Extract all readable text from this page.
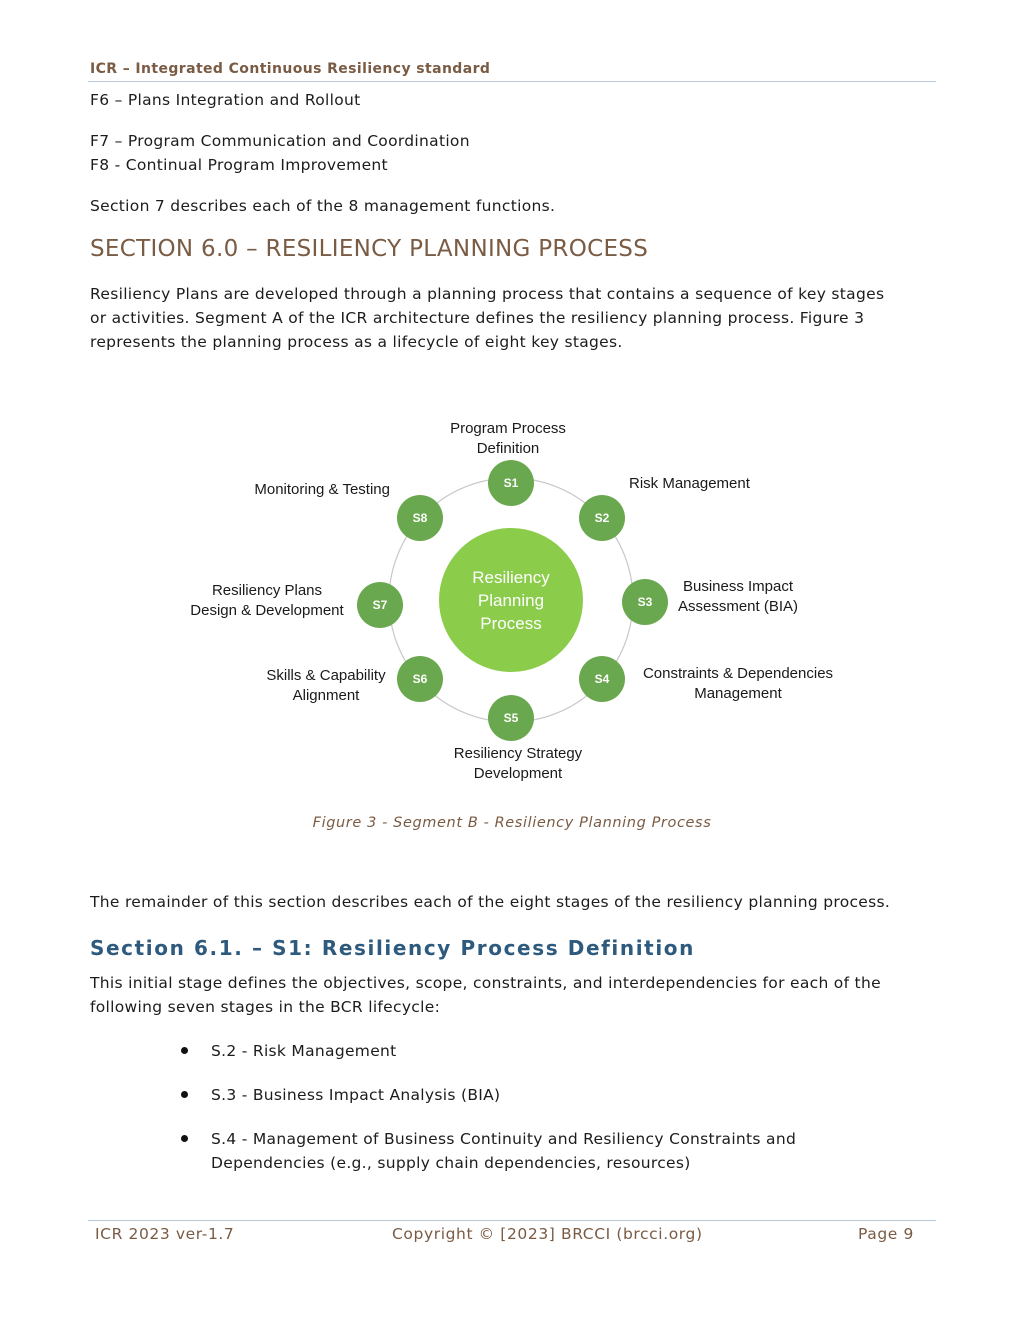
ICR – Integrated Continuous Resiliency standard
F6 – Plans Integration and Rollout
F7 – Program Communication and Coordination
F8 - Continual Program Improvement
Section 7 describes each of the 8 management functions.
SECTION 6.0 – RESILIENCY PLANNING PROCESS
Resiliency Plans are developed through a planning process that contains a sequence of key stages
or activities. Segment A of the ICR architecture defines the resiliency planning process. Figure 3
represents the planning process as a lifecycle of eight key stages.
Resiliency
Planning
Process
S1
Program Process
Definition
S2
Risk Management
S3
Business Impact
Assessment (BIA)
S4 Constraints & Dependencies
Management
S5
Resiliency Strategy
Development
S6
Skills & Capability
Alignment
S7
Resiliency Plans
Design & Development
S8
Monitoring & Testing
Figure 3 - Segment B - Resiliency Planning Process
The remainder of this section describes each of the eight stages of the resiliency planning process.
Section 6.1. – S1: Resiliency Process Definition
This initial stage defines the objectives, scope, constraints, and interdependencies for each of the
following seven stages in the BCR lifecycle:
S.2 - Risk Management
S.3 - Business Impact Analysis (BIA)
S.4 - Management of Business Continuity and Resiliency Constraints and
Dependencies (e.g., supply chain dependencies, resources)
ICR 2023 ver-1.7	Copyright © [2023] BRCCI (brcci.org)	Page 9
